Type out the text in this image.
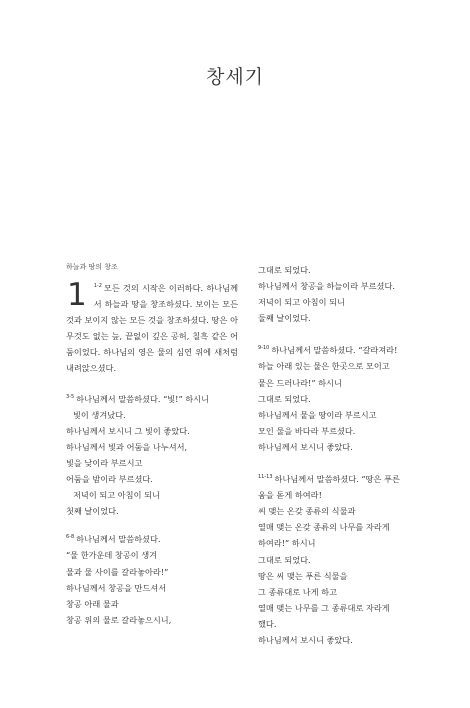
창세기
하늘과 땅의 창조
1 $^{1-2}$ 모든 것의 시작은 이러하다. 하나님께서 하늘과 땅을 창조하셨다. 보이는 모든 것과 보이지 않는 모든 것을 창조하셨다. 땅은 아무것도 없는 늪, 끝없이 깊은 공허, 칠흑 같은 어둠이었다. 하나님의 영은 물의 심연 위에 새처럼 내려앉으셨다.
$^{3-5}$ 하나님께서 말씀하셨다. “빛!” 하시니
빛이 생겨났다.
하나님께서 보시니 그 빛이 좋았다.
하나님께서 빛과 어둠을 나누셔서,
빛을 낮이라 부르시고
어둠을 밤이라 부르셨다.
저녁이 되고 아침이 되니
첫째 날이었다.
$^{6-8}$ 하나님께서 말씀하셨다.
“물 한가운데 창공이 생겨
물과 물 사이를 갈라놓아라!”
하나님께서 창공을 만드셔서
창공 아래 물과
창공 위의 물로 갈라놓으시니,
그대로 되었다.
하나님께서 창공을 하늘이라 부르셨다.
저녁이 되고 아침이 되니
둘째 날이었다.
$^{9-10}$ 하나님께서 말씀하셨다. “갈라져라!
하늘 아래 있는 물은 한곳으로 모이고
뭍은 드러나라!” 하시니
그대로 되었다.
하나님께서 뭍을 땅이라 부르시고
모인 물을 바다라 부르셨다.
하나님께서 보시니 좋았다.
$^{11-13}$ 하나님께서 말씀하셨다. “땅은 푸른
움을 돋게 하여라!
씨 맺는 온갖 종류의 식물과
열매 맺는 온갖 종류의 나무를 자라게
하여라!” 하시니
그대로 되었다.
땅은 씨 맺는 푸른 식물을
그 종류대로 나게 하고
열매 맺는 나무를 그 종류대로 자라게
했다.
하나님께서 보시니 좋았다.
